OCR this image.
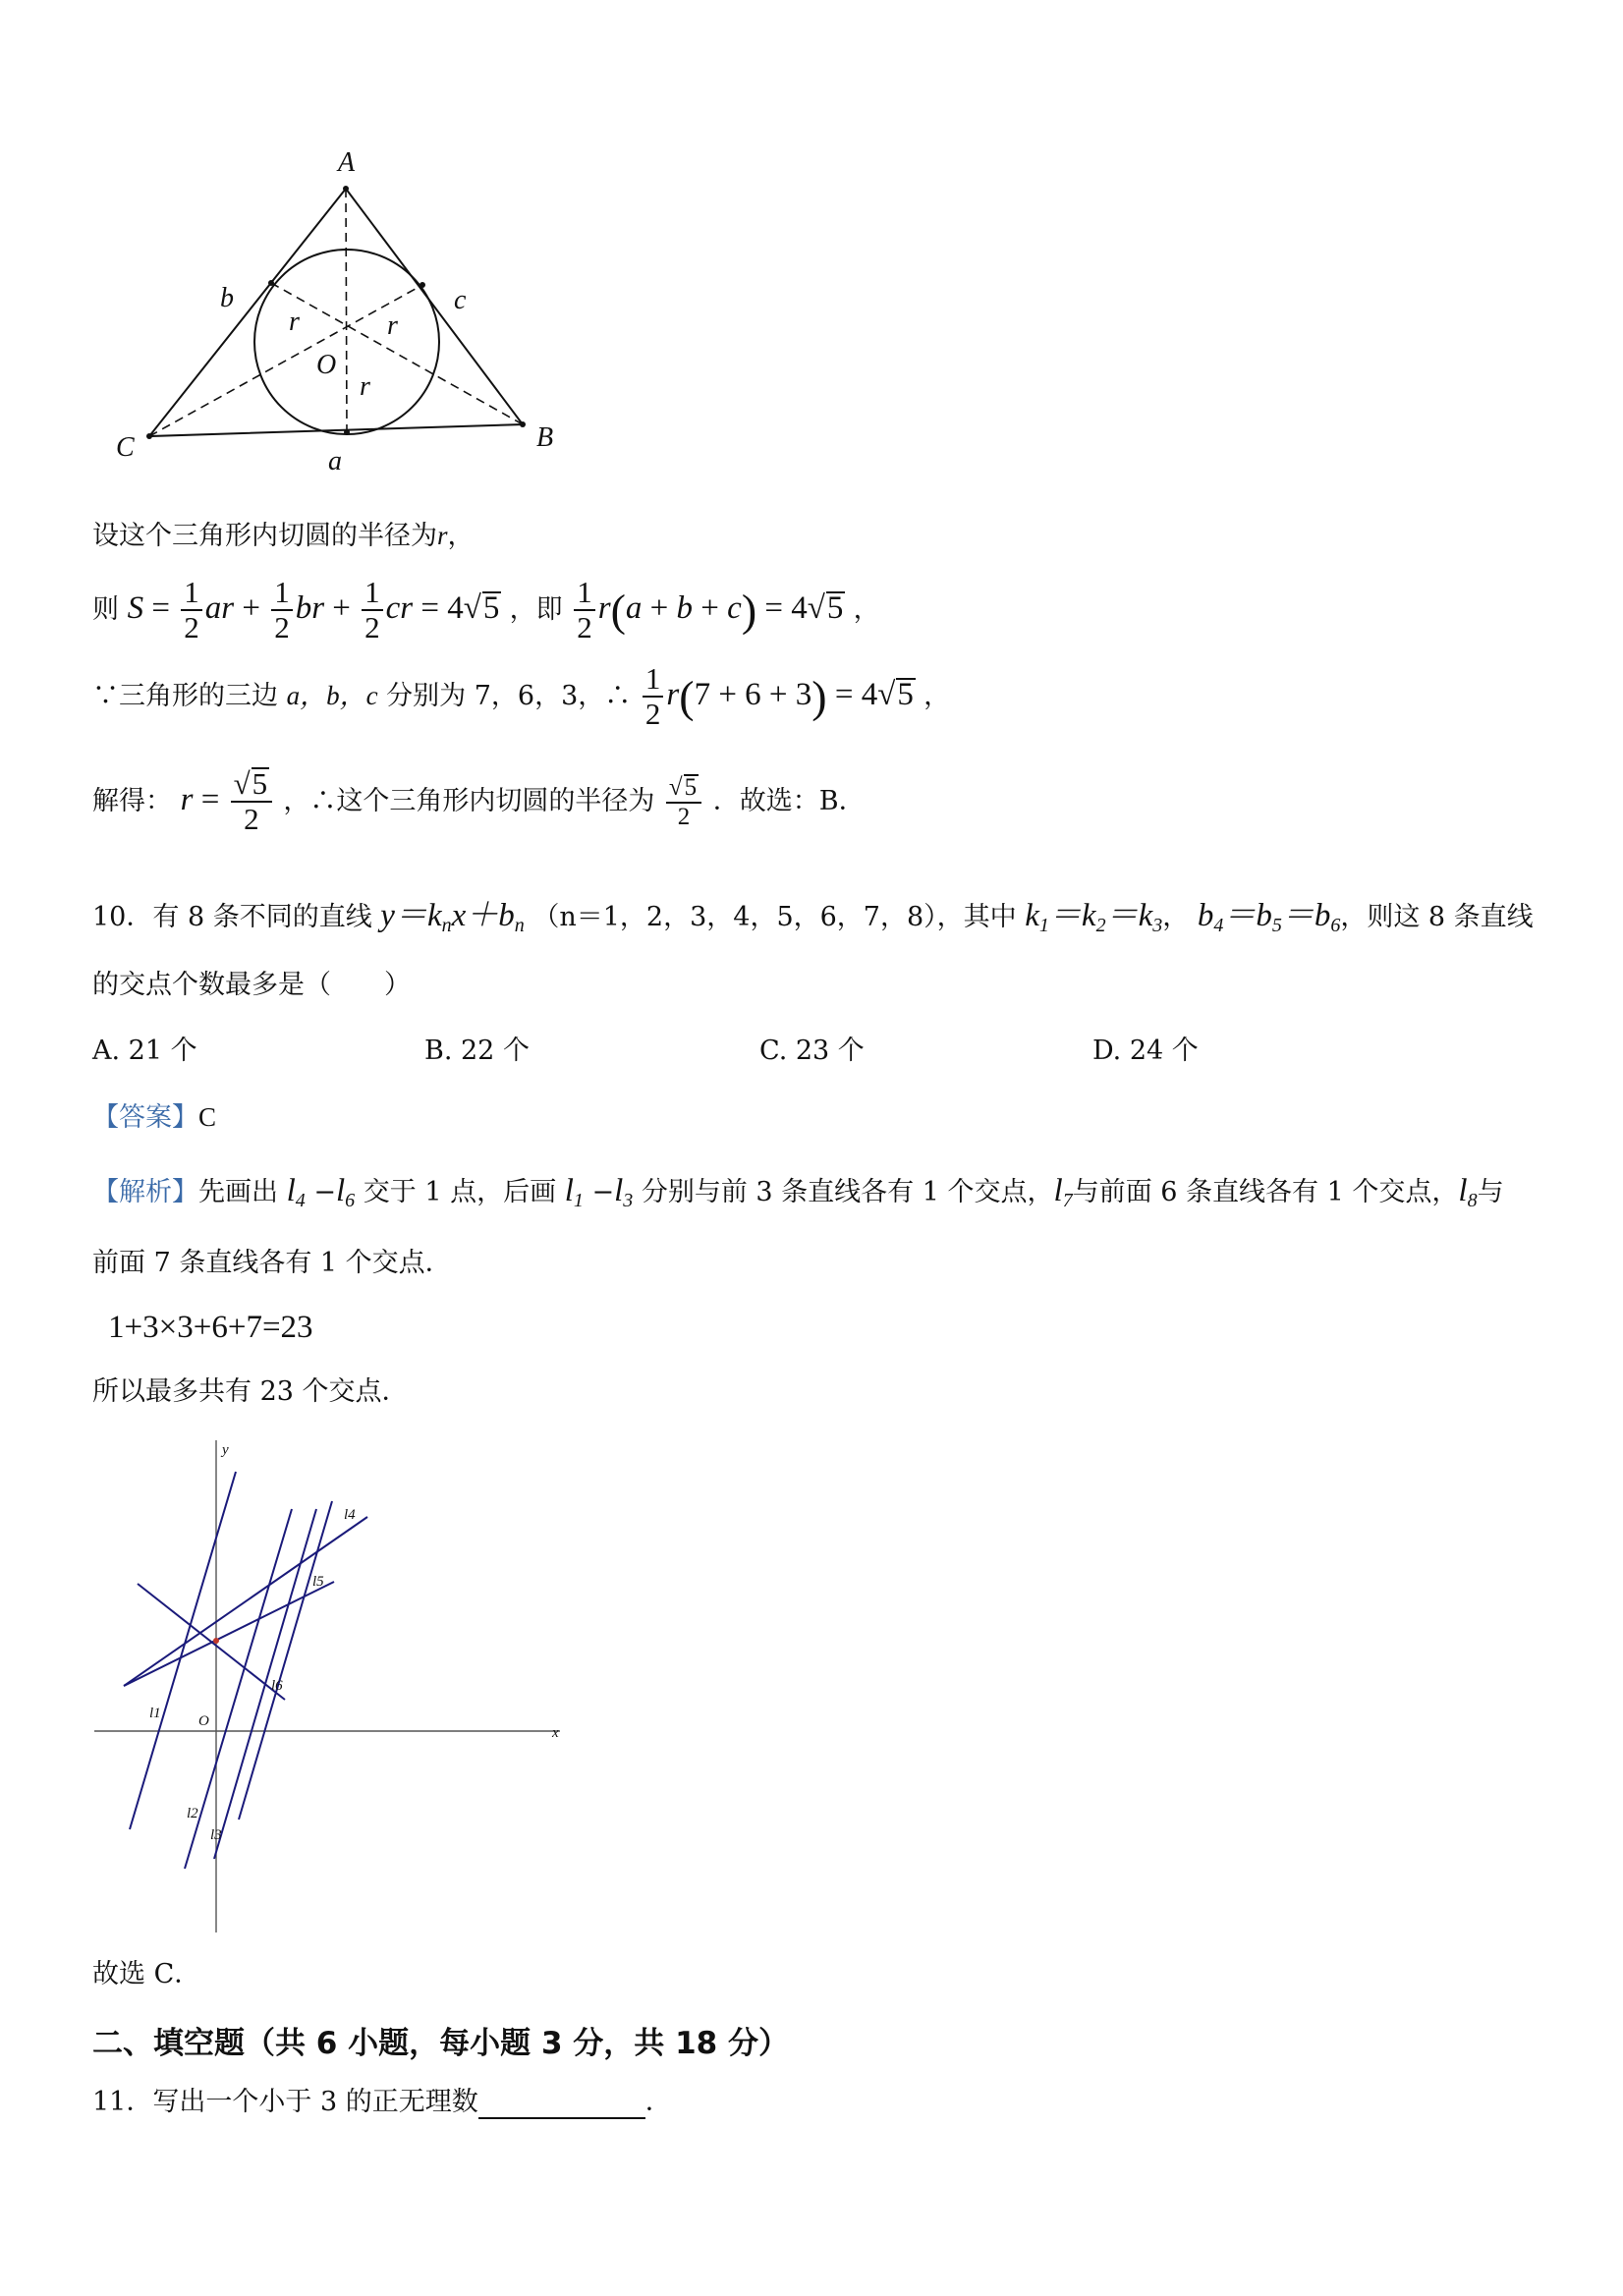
A
B
C
O
a
b	c
r	r
r
设这个三角形内切圆的半径为r，
则 $S = \frac{1}{2}$ ar + $\frac{1}{2}$ br + $\frac{1}{2}$ cr = 4√5 ，即 $\frac{1}{2} r(a + b + c) = 4√5$ ，
∵三角形的三边 a，b，c 分别为 7，6，3，∴ $\frac{1}{2} r(7 + 6 + 3) = 4√5$ ，
解得： $r = \frac{√5}{2}$ ，∴这个三角形内切圆的半径为 $\frac{√5}{2}$ ．故选：B．
10．有 8 条不同的直线 $y=k_nx+b_n$ （n＝1，2，3，4，5，6，7，8），其中 $k_1=k_2=k_3$， $b_4=b_5=b_6$，则这 8 条直线
的交点个数最多是（　　）
A. 21 个	B. 22 个	C. 23 个	D. 24 个
【答案】C
【解析】先画出 $l_4 -l_6$ 交于 1 点，后画 $l_1 -l_3$ 分别与前 3 条直线各有 1 个交点，$l_7$与前面 6 条直线各有 1 个交点，$l_8$与
前面 7 条直线各有 1 个交点．
1+3×3+6+7=23
所以最多共有 23 个交点．
y
x
O
l1
l2
l3
l4
l5
l6
故选 C．
二、填空题（共 6 小题，每小题 3 分，共 18 分）
11．写出一个小于 3 的正无理数	．
